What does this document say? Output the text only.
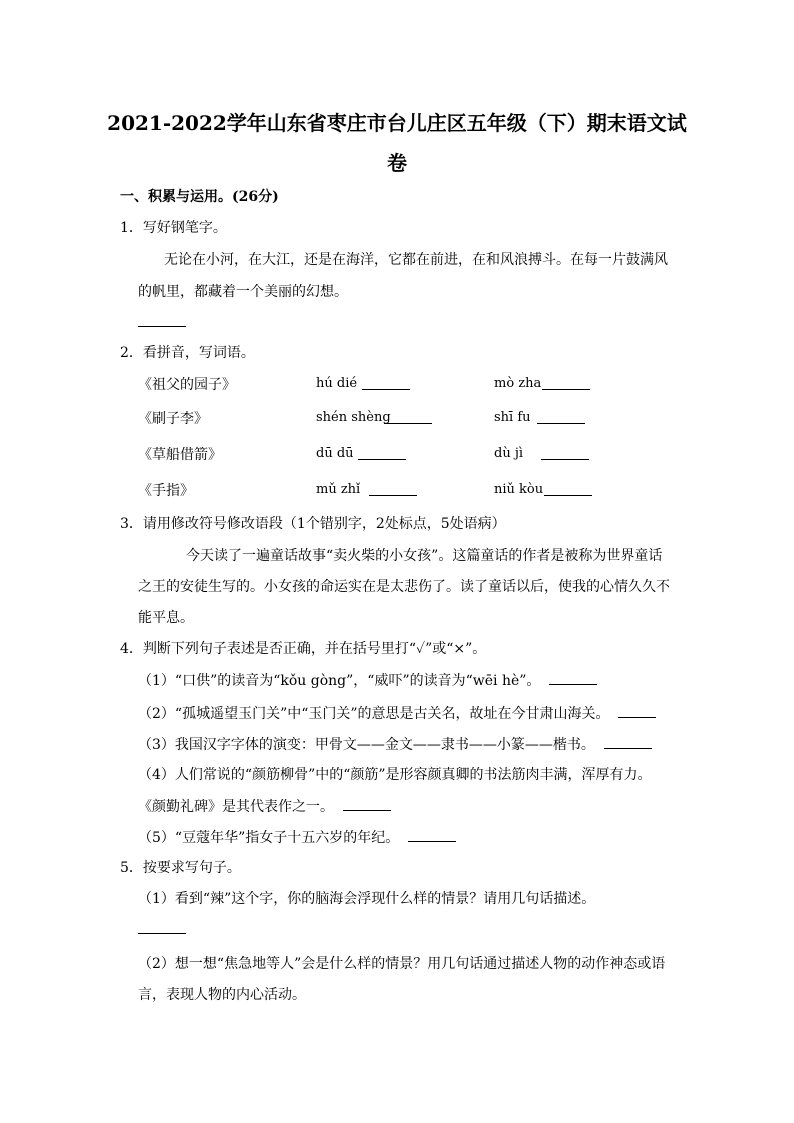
2021-2022学年山东省枣庄市台儿庄区五年级（下）期末语文试
卷
一、积累与运用。(26分)
1．写好钢笔字。
无论在小河，在大江，还是在海洋，它都在前进，在和风浪搏斗。在每一片鼓满风
的帆里，都藏着一个美丽的幻想。
2．看拼音，写词语。
《祖父的园子》	hú dié	mò zha
《刷子李》	shén shèng	shī fu
《草船借箭》	dū dū	dù jì
《手指》	mǔ zhǐ	niǔ kòu
3．请用修改符号修改语段（1个错别字，2处标点，5处语病）
今天读了一遍童话故事“卖火柴的小女孩”。这篇童话的作者是被称为世界童话
之王的安徒生写的。小女孩的命运实在是太悲伤了。读了童话以后，使我的心情久久不
能平息。
4．判断下列句子表述是否正确，并在括号里打“✓”或“×”。
（1）“口供”的读音为“kǒu gòng”，“威吓”的读音为“wēi hè”。
（2）“孤城遥望玉门关”中“玉门关”的意思是古关名，故址在今甘肃山海关。
（3）我国汉字字体的演变：甲骨文——金文——隶书——小篆——楷书。
（4）人们常说的“颜筋柳骨”中的“颜筋”是形容颜真卿的书法筋肉丰满，浑厚有力。
《颜勤礼碑》是其代表作之一。
（5）“豆蔻年华”指女子十五六岁的年纪。
5．按要求写句子。
（1）看到“辣”这个字，你的脑海会浮现什么样的情景？请用几句话描述。
（2）想一想“焦急地等人”会是什么样的情景？用几句话通过描述人物的动作神态或语
言，表现人物的内心活动。
